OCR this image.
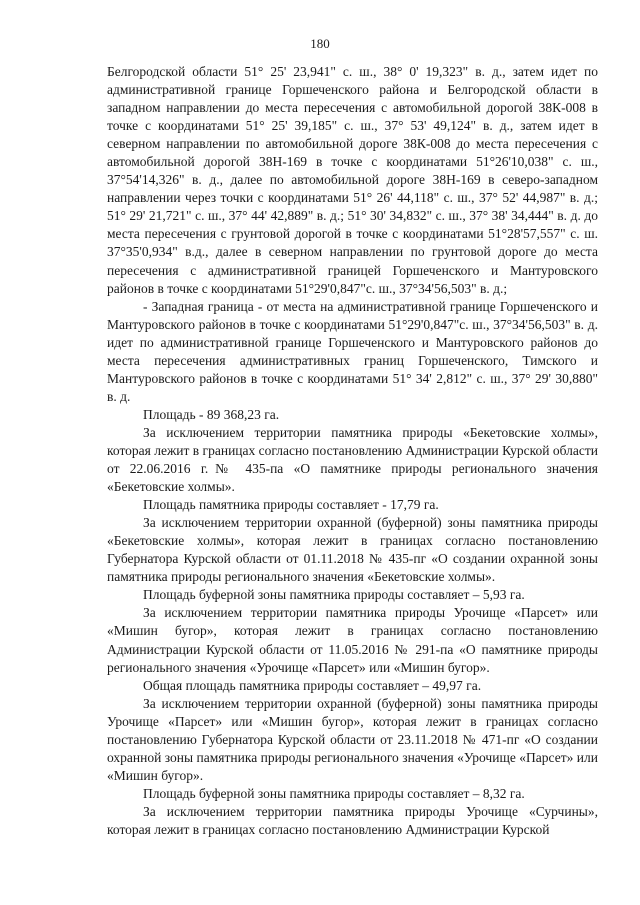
180

Белгородской области 51° 25' 23,941" с. ш., 38° 0' 19,323" в. д., затем идет по административной границе Горшеченского района и Белгородской области в западном направлении до места пересечения с автомобильной дорогой 38К-008 в точке с координатами 51° 25' 39,185" с. ш., 37° 53' 49,124" в. д., затем идет в северном направлении по автомобильной дороге 38К-008 до места пересечения с автомобильной дорогой 38Н-169 в точке с координатами 51°26'10,038" с. ш., 37°54'14,326" в. д., далее по автомобильной дороге 38Н-169 в северо-западном направлении через точки с координатами 51° 26' 44,118" с. ш., 37° 52' 44,987" в. д.; 51° 29' 21,721" с. ш., 37° 44' 42,889" в. д.; 51° 30' 34,832" с. ш., 37° 38' 34,444" в. д. до места пересечения с грунтовой дорогой в точке с координатами 51°28'57,557" с. ш. 37°35'0,934" в.д., далее в северном направлении по грунтовой дороге до места пересечения с административной границей Горшеченского и Мантуровского районов в точке с координатами 51°29'0,847"с. ш., 37°34'56,503" в. д.;

- Западная граница - от места на административной границе Горшеченского и Мантуровского районов в точке с координатами 51°29'0,847"с. ш., 37°34'56,503" в. д. идет по административной границе Горшеченского и Мантуровского районов до места пересечения административных границ Горшеченского, Тимского и Мантуровского районов в точке с координатами 51° 34' 2,812" с. ш., 37° 29' 30,880" в. д.

Площадь - 89 368,23 га.

За исключением территории памятника природы «Бекетовские холмы», которая лежит в границах согласно постановлению Администрации Курской области от 22.06.2016 г.№ 435-па «О памятнике природы регионального значения «Бекетовские холмы».

Площадь памятника природы составляет - 17,79 га.

За исключением территории охранной (буферной) зоны памятника природы «Бекетовские холмы», которая лежит в границах согласно постановлению Губернатора Курской области от 01.11.2018 № 435-пг «О создании охранной зоны памятника природы регионального значения «Бекетовские холмы».

Площадь буферной зоны памятника природы составляет – 5,93 га.

За исключением территории памятника природы Урочище «Парсет» или «Мишин бугор», которая лежит в границах согласно постановлению Администрации Курской области от 11.05.2016 № 291-па «О памятнике природы регионального значения «Урочище «Парсет» или «Мишин бугор».

Общая площадь памятника природы составляет – 49,97 га.

За исключением территории охранной (буферной) зоны памятника природы Урочище «Парсет» или «Мишин бугор», которая лежит в границах согласно постановлению Губернатора Курской области от 23.11.2018 № 471-пг «О создании охранной зоны памятника природы регионального значения «Урочище «Парсет» или «Мишин бугор».

Площадь буферной зоны памятника природы составляет – 8,32 га.

За исключением территории памятника природы Урочище «Сурчины», которая лежит в границах согласно постановлению Администрации Курской
